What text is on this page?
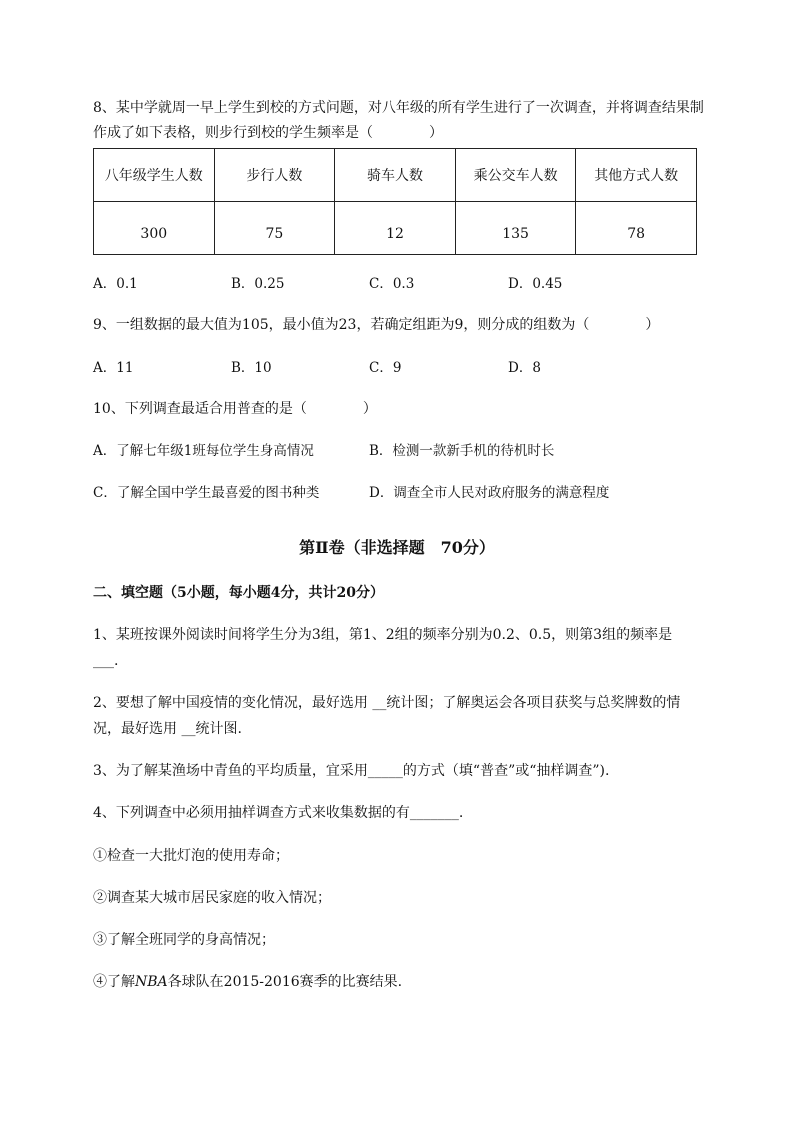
8、某中学就周一早上学生到校的方式问题，对八年级的所有学生进行了一次调查，并将调查结果制
作成了如下表格，则步行到校的学生频率是（　　　　）
八年级学生人数	步行人数	骑车人数	乘公交车人数	其他方式人数
300	75	12	135	78
A．0.1	B．0.25	C．0.3	D．0.45
9、一组数据的最大值为105，最小值为23，若确定组距为9，则分成的组数为（　　　　）
A．11	B．10	C．9	D．8
10、下列调查最适合用普查的是（　　　　）
A．了解七年级1班每位学生身高情况	B．检测一款新手机的待机时长
C．了解全国中学生最喜爱的图书种类	D．调查全市人民对政府服务的满意程度
第Ⅱ卷（非选择题　70分）
二、填空题（5小题，每小题4分，共计20分）
1、某班按课外阅读时间将学生分为3组，第1、2组的频率分别为0.2、0.5，则第3组的频率是
___.
2、要想了解中国疫情的变化情况，最好选用 __统计图；了解奥运会各项目获奖与总奖牌数的情
况，最好选用 __统计图.
3、为了解某渔场中青鱼的平均质量，宜采用_____的方式（填“普查”或“抽样调查”).
4、下列调查中必须用抽样调查方式来收集数据的有_______.
①检查一大批灯泡的使用寿命；
②调查某大城市居民家庭的收入情况；
③了解全班同学的身高情况；
④了解NBA各球队在2015-2016赛季的比赛结果.
